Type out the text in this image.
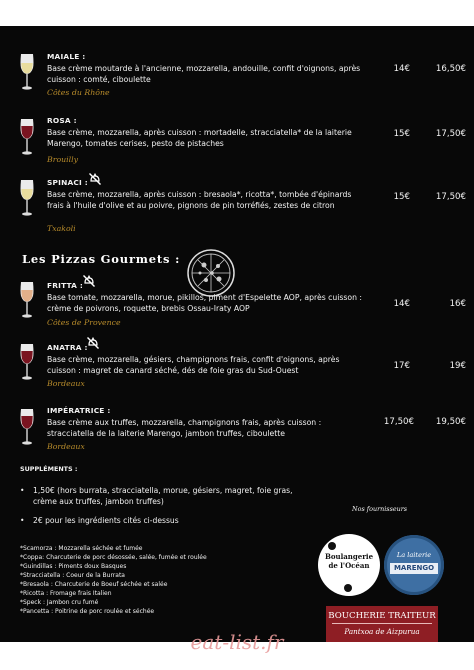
MAIALE :
Base crème moutarde à l'ancienne, mozzarella, andouille, confit d'oignons, après cuisson : comté, ciboulette
Côtes du Rhône
14€	16,50€
ROSA :
Base crème, mozzarella, après cuisson : mortadelle, stracciatella* de la laiterie Marengo, tomates cerises, pesto de pistaches
Brouilly
15€	17,50€
SPINACI :
Base crème, mozzarella, après cuisson : bresaola*, ricotta*, tombée d'épinards frais à l'huile d'olive et au poivre, pignons de pin torréfiés, zestes de citron
Txakoli
15€	17,50€
Les Pizzas Gourmets :
FRITTA :
Base tomate, mozzarella, morue, pikillos, piment d'Espelette AOP, après cuisson : crème de poivrons, roquette, brebis Ossau-Iraty AOP
Côtes de Provence
14€	16€
ANATRA :
Base crème, mozzarella, gésiers, champignons frais, confit d'oignons, après cuisson : magret de canard séché, dés de foie gras du Sud-Ouest
Bordeaux
17€	19€
IMPÉRATRICE :
Base crème aux truffes, mozzarella, champignons frais, après cuisson : stracciatella de la laiterie Marengo, jambon truffes, ciboulette
Bordeaux
17,50€	19,50€
SUPPLÉMENTS :
• 1,50€ (hors burrata, stracciatella, morue, gésiers, magret, foie gras, crème aux truffes, jambon truffes)
• 2€ pour les ingrédients cités ci-dessus
*Scamorza : Mozzarella séchée et fumée
*Coppa: Charcuterie de porc désossée, salée, fumée et roulée
*Guindillas : Piments doux Basques
*Stracciatella : Coeur de la Burrata
*Bresaola : Charcuterie de Boeuf séchée et salée
*Ricotta : Fromage frais Italien
*Speck : Jambon cru fumé
*Pancetta : Poitrine de porc roulée et séchée
Nos fournisseurs
Boulangerie de l'Océan
La laiterie
MARENGO
BOUCHERIE TRAITEUR
Pantxoa de Aizpurua
eat-list.fr
